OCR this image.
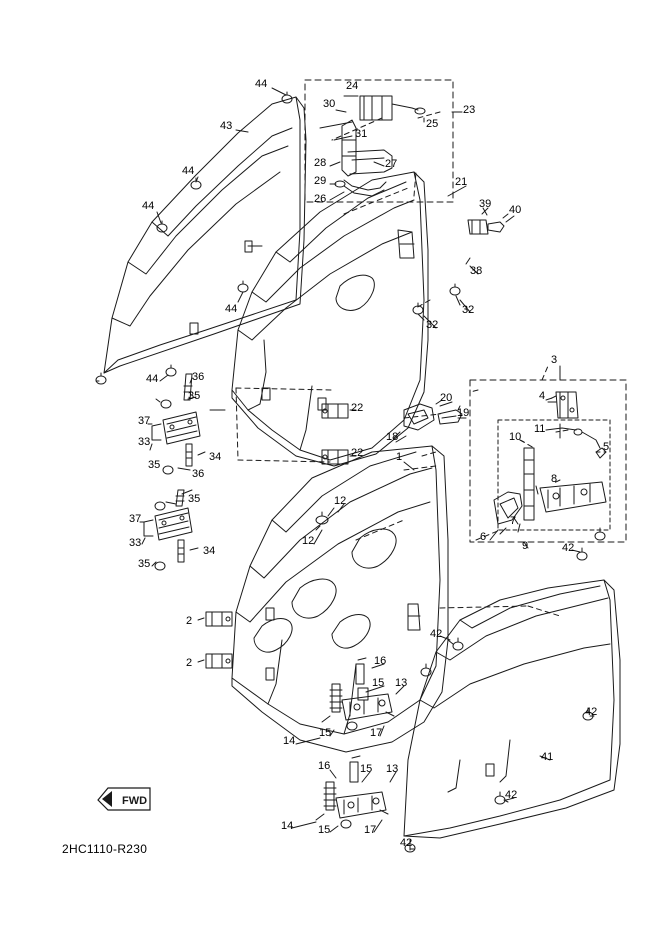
FWD
2HC1110-R230
44
30
24
23
25
43
31
28	27
29
26
44
21
39 40
44
38
44
32
32
3
36
44
4
35	20
19
11
22
37
18	10
5
33
34	22
35
36
1
8
35	12
37
12
7
6
9	42
33
34
35
2
42
2	16
15 13
14
15	17
41
42
16	15 13
42
14 15	17
42
